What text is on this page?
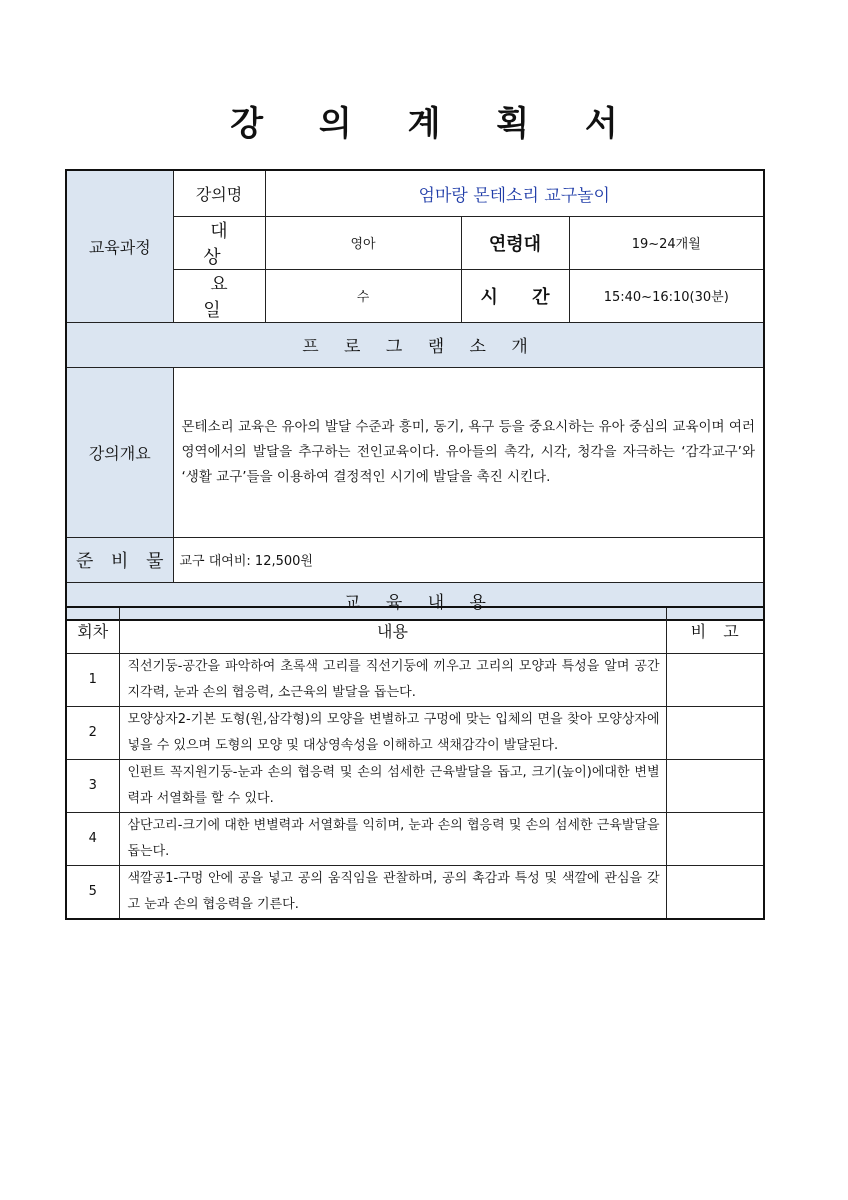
강 의 계 획 서
교육과정	강의명	엄마랑 몬테소리 교구놀이		
	대 상	영아	연령대	19~24개월
	요 일	수	시 간	15:40~16:10(30분)
프 로 그 램 소 개				
강의개요	몬테소리 교육은 유아의 발달 수준과 흥미, 동기, 욕구 등을 중요시하는 유아 중심의 교육이며 여러 영역에서의 발달을 추구하는 전인교육이다. 유아들의 촉각, 시각, 청각을 자극하는 ‘감각교구’와 ‘생활 교구’들을 이용하여 결정적인 시기에 발달을 촉진 시킨다.			
준 비 물	교구 대여비: 12,500원			
교 육 내 용				
회차	내용	비 고
1	직선기둥-공간을 파악하여 초록색 고리를 직선기둥에 끼우고 고리의 모양과 특성을 알며 공간 지각력, 눈과 손의 협응력, 소근육의 발달을 돕는다.	
2	모양상자2-기본 도형(원,삼각형)의 모양을 변별하고 구멍에 맞는 입체의 면을 찾아 모양상자에 넣을 수 있으며 도형의 모양 및 대상영속성을 이해하고 색채감각이 발달된다.	
3	인펀트 꼭지원기둥-눈과 손의 협응력 및 손의 섬세한 근육발달을 돕고, 크기(높이)에대한 변별력과 서열화를 할 수 있다.	
4	삼단고리-크기에 대한 변별력과 서열화를 익히며, 눈과 손의 협응력 및 손의 섬세한 근육발달을 돕는다.	
5	색깔공1-구멍 안에 공을 넣고 공의 움직임을 관찰하며, 공의 촉감과 특성 및 색깔에 관심을 갖고 눈과 손의 협응력을 기른다.	
